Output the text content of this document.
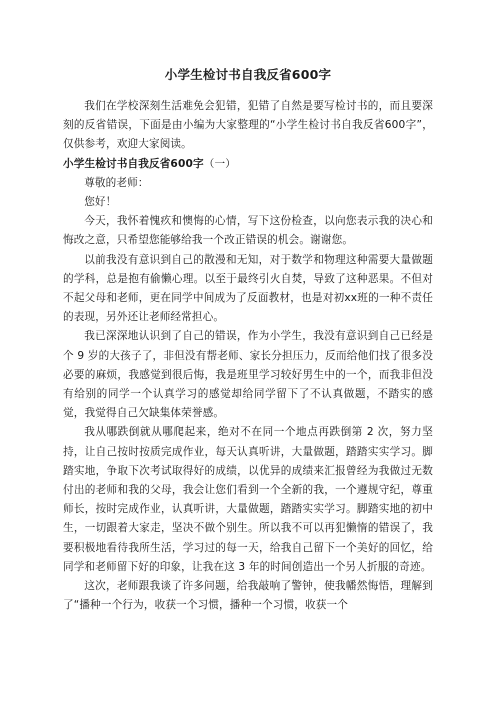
小学生检讨书自我反省600字

我们在学校深刻生活难免会犯错，犯错了自然是要写检讨书的，而且要深刻的反省错误，下面是由小编为大家整理的“小学生检讨书自我反省600字”，仅供参考，欢迎大家阅读。

小学生检讨书自我反省600字（一）

尊敬的老师：

您好！

今天，我怀着愧疚和懊悔的心情，写下这份检查，以向您表示我的决心和悔改之意，只希望您能够给我一个改正错误的机会。谢谢您。

以前我没有意识到自己的散漫和无知，对于数学和物理这种需要大量做题的学科，总是抱有偷懒心理。以至于最终引火自焚，导致了这种恶果。不但对不起父母和老师，更在同学中间成为了反面教材，也是对初xx班的一种不责任的表现，另外还让老师经常担心。

我已深深地认识到了自己的错误，作为小学生，我没有意识到自己已经是个 9 岁的大孩子了，非但没有帮老师、家长分担压力，反而给他们找了很多没必要的麻烦，我感觉到很后悔，我是班里学习较好男生中的一个，而我非但没有给别的同学一个认真学习的感觉却给同学留下了不认真做题，不踏实的感觉，我觉得自己欠缺集体荣誉感。

我从哪跌倒就从哪爬起来，绝对不在同一个地点再跌倒第 2 次，努力坚持，让自己按时按质完成作业，每天认真听讲，大量做题，踏踏实实学习。脚踏实地，争取下次考试取得好的成绩，以优异的成绩来汇报曾经为我做过无数付出的老师和我的父母，我会让您们看到一个全新的我，一个遵规守纪，尊重师长，按时完成作业，认真听讲，大量做题，踏踏实实学习。脚踏实地的初中生，一切跟着大家走，坚决不做个别生。所以我不可以再犯懒惰的错误了，我要积极地看待我所生活，学习过的每一天，给我自己留下一个美好的回忆，给同学和老师留下好的印象，让我在这 3 年的时间创造出一个另人折服的奇迹。

这次，老师跟我谈了许多问题，给我敲响了警钟，使我幡然悔悟，理解到了“播种一个行为，收获一个习惯，播种一个习惯，收获一个
